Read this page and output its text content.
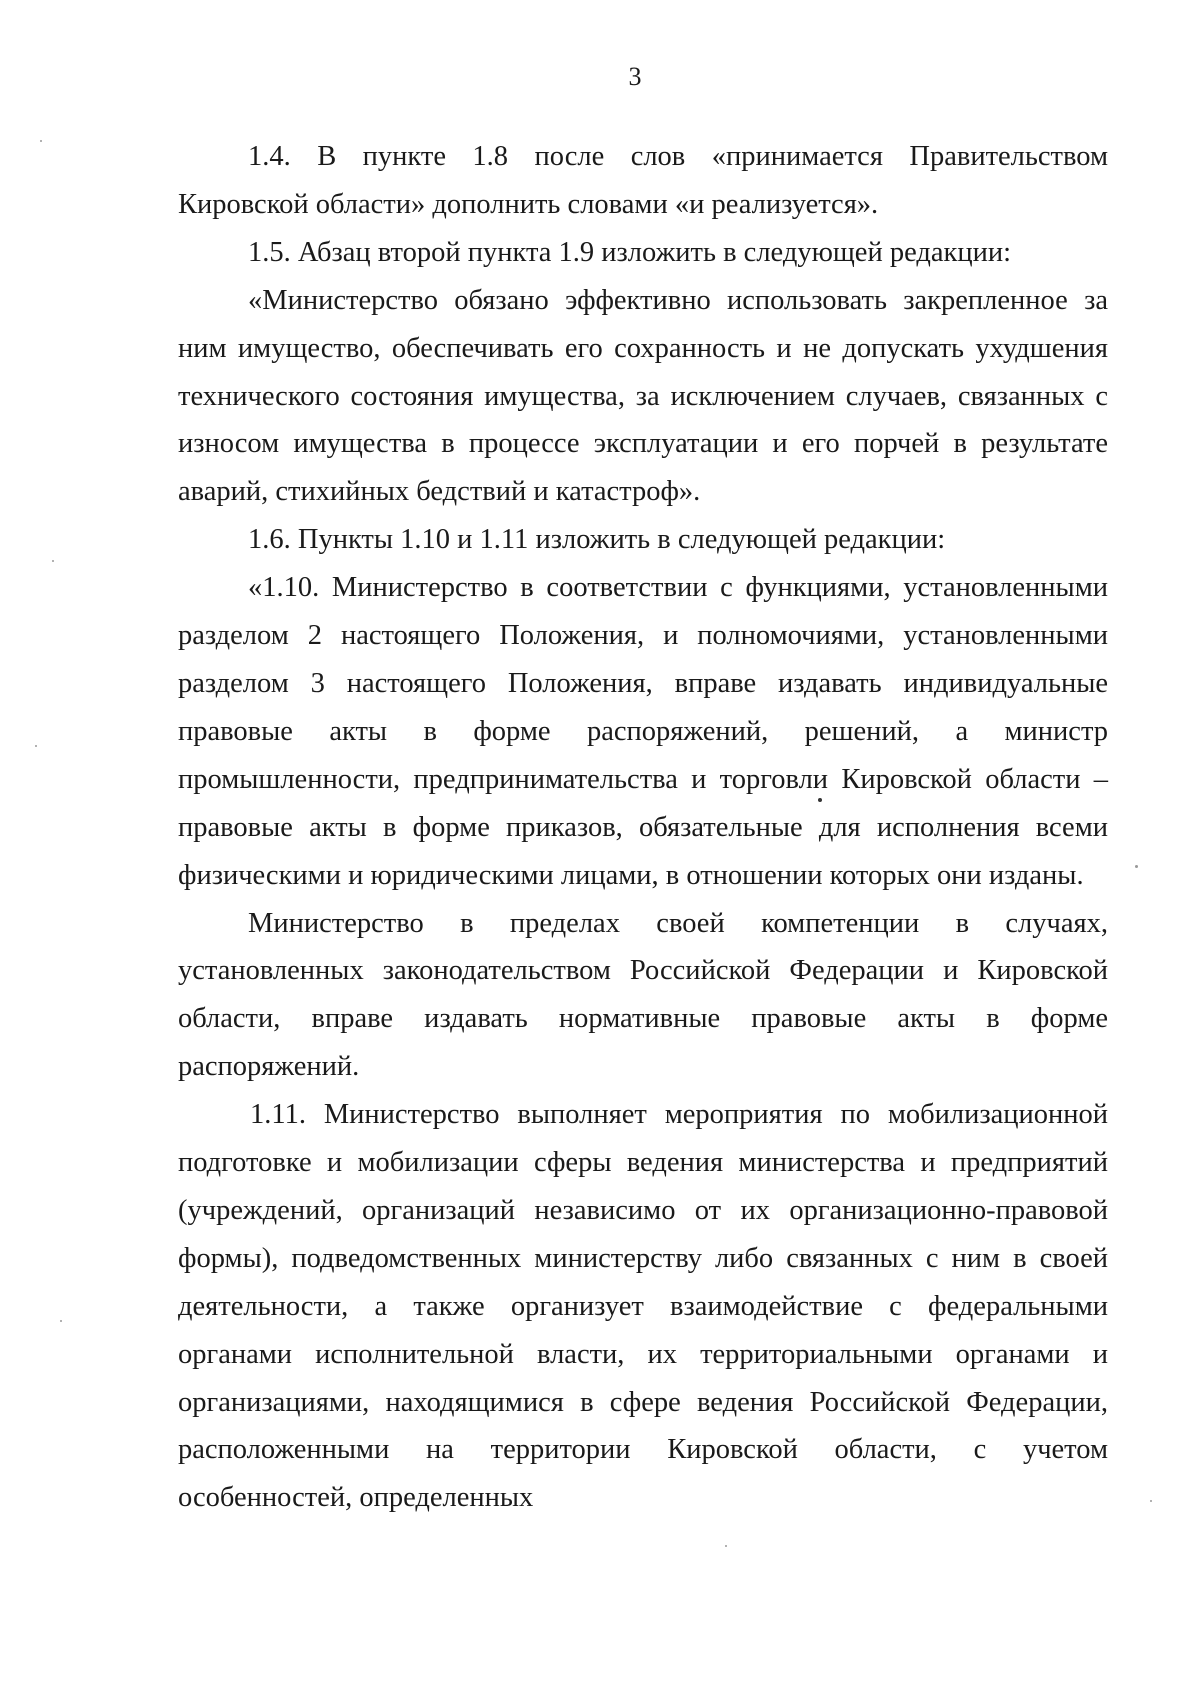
3

1.4. В пункте 1.8 после слов «принимается Правительством Кировской области» дополнить словами «и реализуется».

1.5. Абзац второй пункта 1.9 изложить в следующей редакции:

«Министерство обязано эффективно использовать закрепленное за ним имущество, обеспечивать его сохранность и не допускать ухудшения технического состояния имущества, за исключением случаев, связанных с износом имущества в процессе эксплуатации и его порчей в результате аварий, стихийных бедствий и катастроф».

1.6. Пункты 1.10 и 1.11 изложить в следующей редакции:

«1.10. Министерство в соответствии с функциями, установленными разделом 2 настоящего Положения, и полномочиями, установленными разделом 3 настоящего Положения, вправе издавать индивидуальные правовые акты в форме распоряжений, решений, а министр промышленности, предпринимательства и торговли Кировской области – правовые акты в форме приказов, обязательные для исполнения всеми физическими и юридическими лицами, в отношении которых они изданы.

Министерство в пределах своей компетенции в случаях, установленных законодательством Российской Федерации и Кировской области, вправе издавать нормативные правовые акты в форме распоряжений.

1.11. Министерство выполняет мероприятия по мобилизационной подготовке и мобилизации сферы ведения министерства и предприятий (учреждений, организаций независимо от их организационно-правовой формы), подведомственных министерству либо связанных с ним в своей деятельности, а также организует взаимодействие с федеральными органами исполнительной власти, их территориальными органами и организациями, находящимися в сфере ведения Российской Федерации, расположенными на территории Кировской области, с учетом особенностей, определенных
